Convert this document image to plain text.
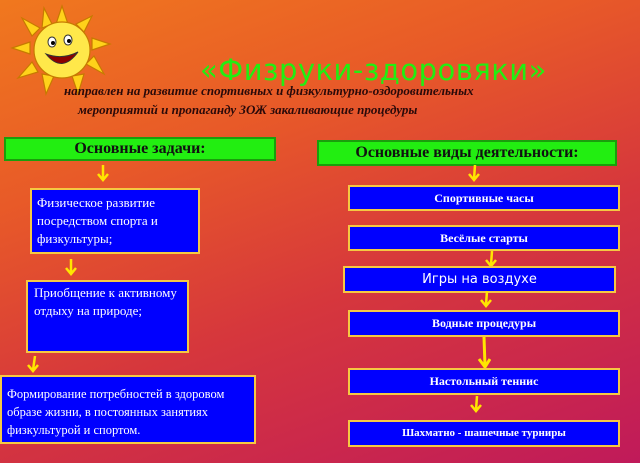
«Физруки-здоровяки»
направлен на развитие спортивных и физкультурно-оздоровительных
мероприятий и пропаганду ЗОЖ закаливающие процедуры
Основные задачи:
Физическое развитие посредством спорта и физкультуры;
Приобщение к активному отдыху на природе;
Формирование потребностей в здоровом образе жизни, в постоянных занятиях физкультурой и спортом.
Основные виды деятельности:
Спортивные часы
Весёлые старты
Игры на воздухе
Водные процедуры
Настольный теннис
Шахматно - шашечные турниры
